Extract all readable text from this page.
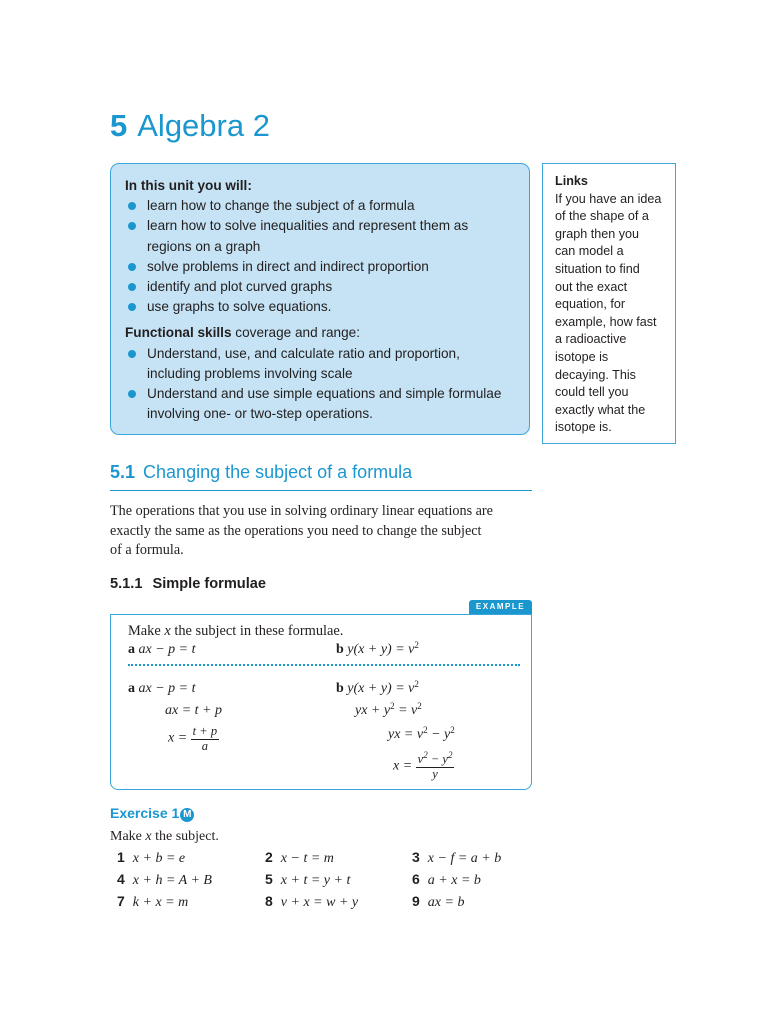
5 Algebra 2
In this unit you will:
learn how to change the subject of a formula
learn how to solve inequalities and represent them as
regions on a graph
solve problems in direct and indirect proportion
identify and plot curved graphs
use graphs to solve equations.
Functional skills coverage and range:
Understand, use, and calculate ratio and proportion,
including problems involving scale
Understand and use simple equations and simple formulae
involving one- or two-step operations.
Links
If you have an idea
of the shape of a
graph then you
can model a
situation to find
out the exact
equation, for
example, how fast
a radioactive
isotope is
decaying. This
could tell you
exactly what the
isotope is.
5.1 Changing the subject of a formula
The operations that you use in solving ordinary linear equations are
exactly the same as the operations you need to change the subject
of a formula.
5.1.1 Simple formulae
EXAMPLE
Make x the subject in these formulae.
a ax − p = t	b $y(x + y) = v^2$
a ax − p = t
ax = t + p
$x = \frac{t + p}{a}$
b $y(x + y) = v^2$
yx + $y^2 = v^2$
yx = $v^2 - y^2$
$x = \frac{v^2 - y^2}{y}$
Exercise 1 M
Make x the subject.
1 x + b = e	2 x − t = m	3 x − f = a + b
4 x + h = A + B	5 x + t = y + t	6 a + x = b
7 k + x = m	8 v + x = w + y	9 ax = b
